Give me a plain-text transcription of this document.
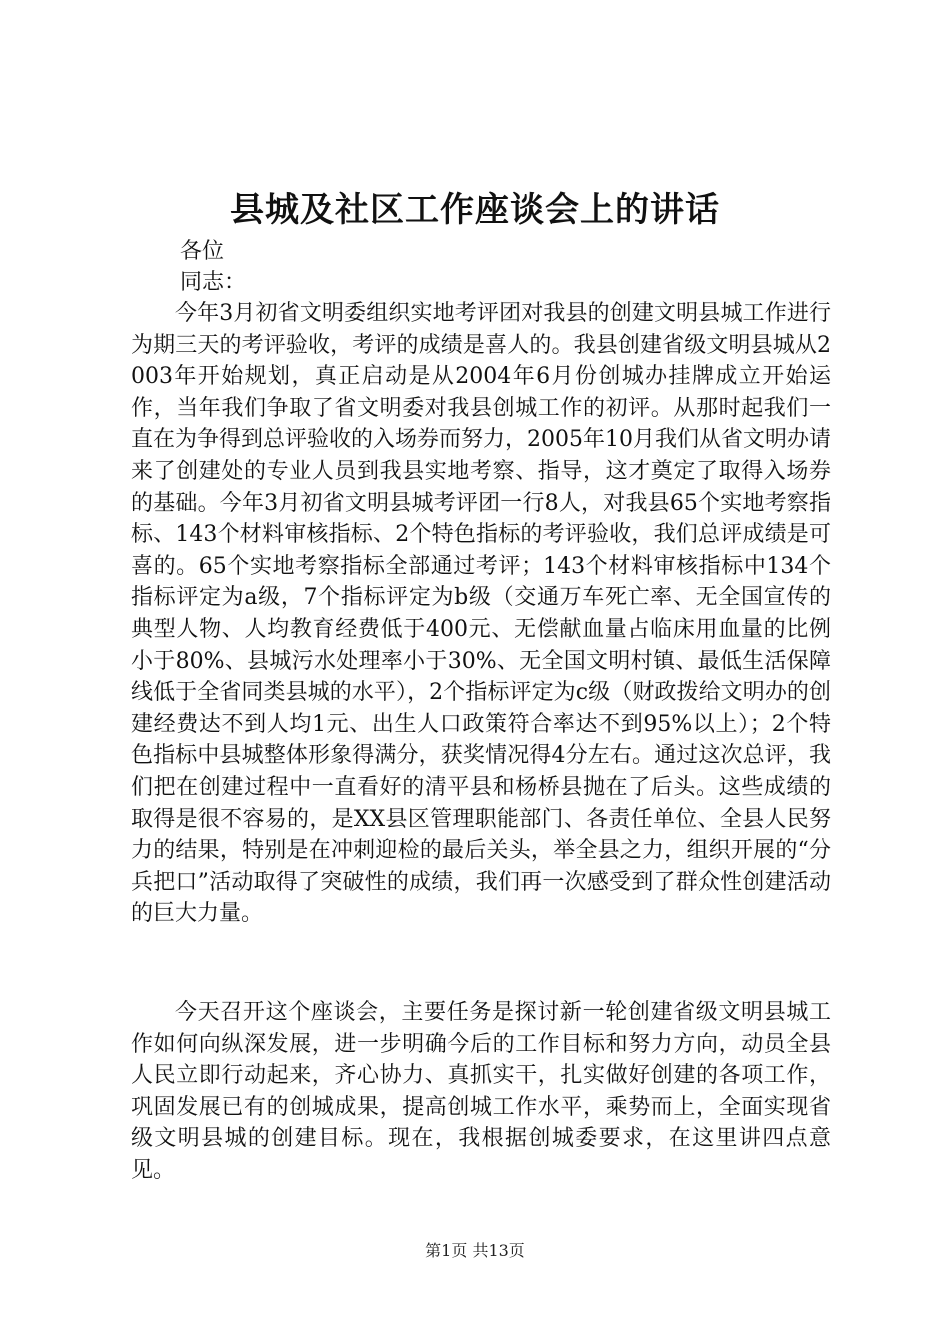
县城及社区工作座谈会上的讲话

各位

同志：

今年3月初省文明委组织实地考评团对我县的创建文明县城工作进行为期三天的考评验收，考评的成绩是喜人的。我县创建省级文明县城从2003年开始规划，真正启动是从2004年6月份创城办挂牌成立开始运作，当年我们争取了省文明委对我县创城工作的初评。从那时起我们一直在为争得到总评验收的入场券而努力，2005年10月我们从省文明办请来了创建处的专业人员到我县实地考察、指导，这才奠定了取得入场券的基础。今年3月初省文明县城考评团一行8人，对我县65个实地考察指标、143个材料审核指标、2个特色指标的考评验收，我们总评成绩是可喜的。65个实地考察指标全部通过考评；143个材料审核指标中134个指标评定为a级，7个指标评定为b级（交通万车死亡率、无全国宣传的典型人物、人均教育经费低于400元、无偿献血量占临床用血量的比例小于80%、县城污水处理率小于30%、无全国文明村镇、最低生活保障线低于全省同类县城的水平），2个指标评定为c级（财政拨给文明办的创建经费达不到人均1元、出生人口政策符合率达不到95%以上）；2个特色指标中县城整体形象得满分，获奖情况得4分左右。通过这次总评，我们把在创建过程中一直看好的清平县和杨桥县抛在了后头。这些成绩的取得是很不容易的，是XX县区管理职能部门、各责任单位、全县人民努力的结果，特别是在冲刺迎检的最后关头，举全县之力，组织开展的“分兵把口”活动取得了突破性的成绩，我们再一次感受到了群众性创建活动的巨大力量。

今天召开这个座谈会，主要任务是探讨新一轮创建省级文明县城工作如何向纵深发展，进一步明确今后的工作目标和努力方向，动员全县人民立即行动起来，齐心协力、真抓实干，扎实做好创建的各项工作，巩固发展已有的创城成果，提高创城工作水平，乘势而上，全面实现省级文明县城的创建目标。现在，我根据创城委要求，在这里讲四点意见。

第1页 共13页
